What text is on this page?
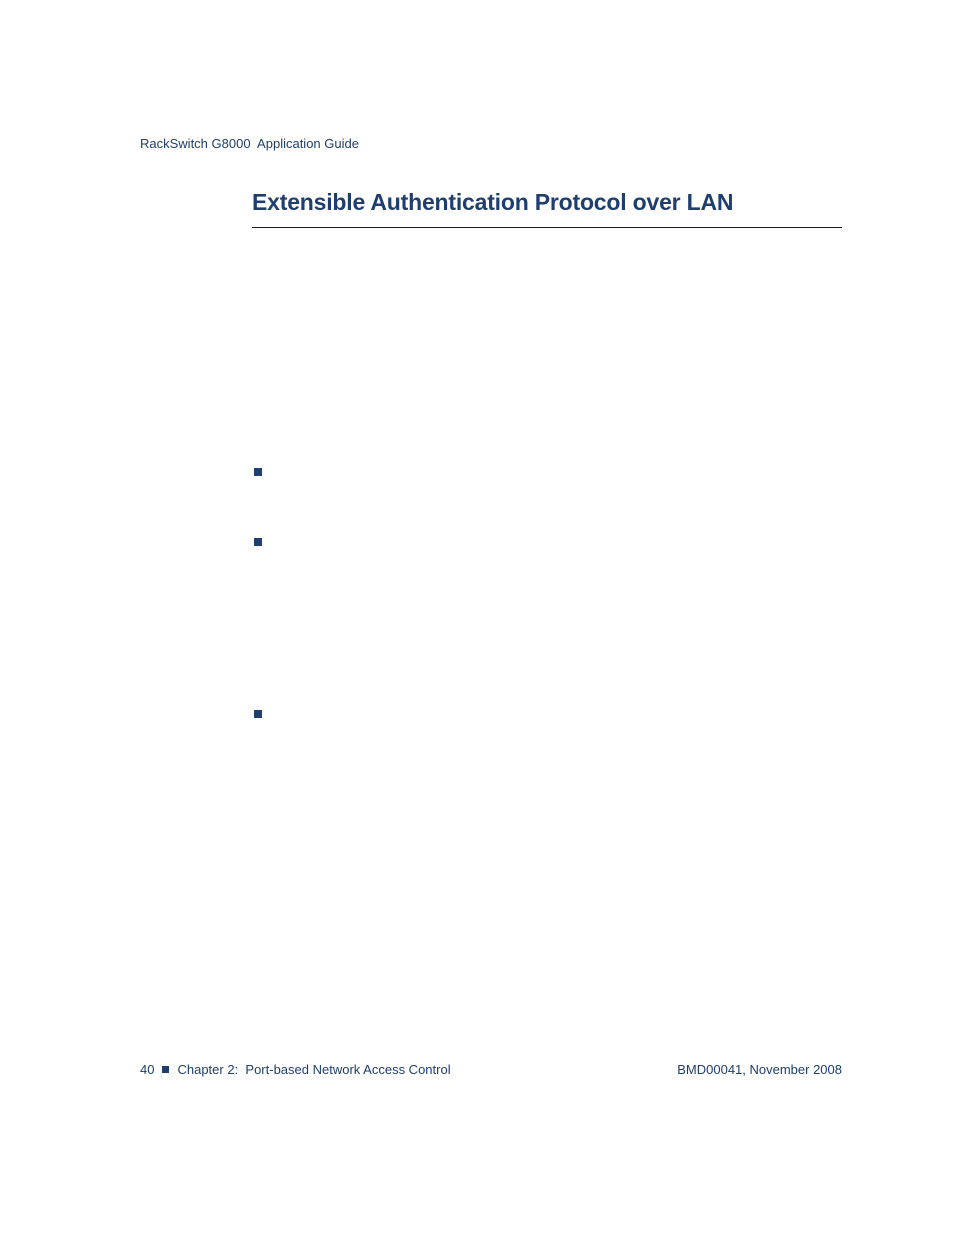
RackSwitch G8000  Application Guide
Extensible Authentication Protocol over LAN
40 Chapter 2:  Port-based Network Access Control	BMD00041, November 2008
